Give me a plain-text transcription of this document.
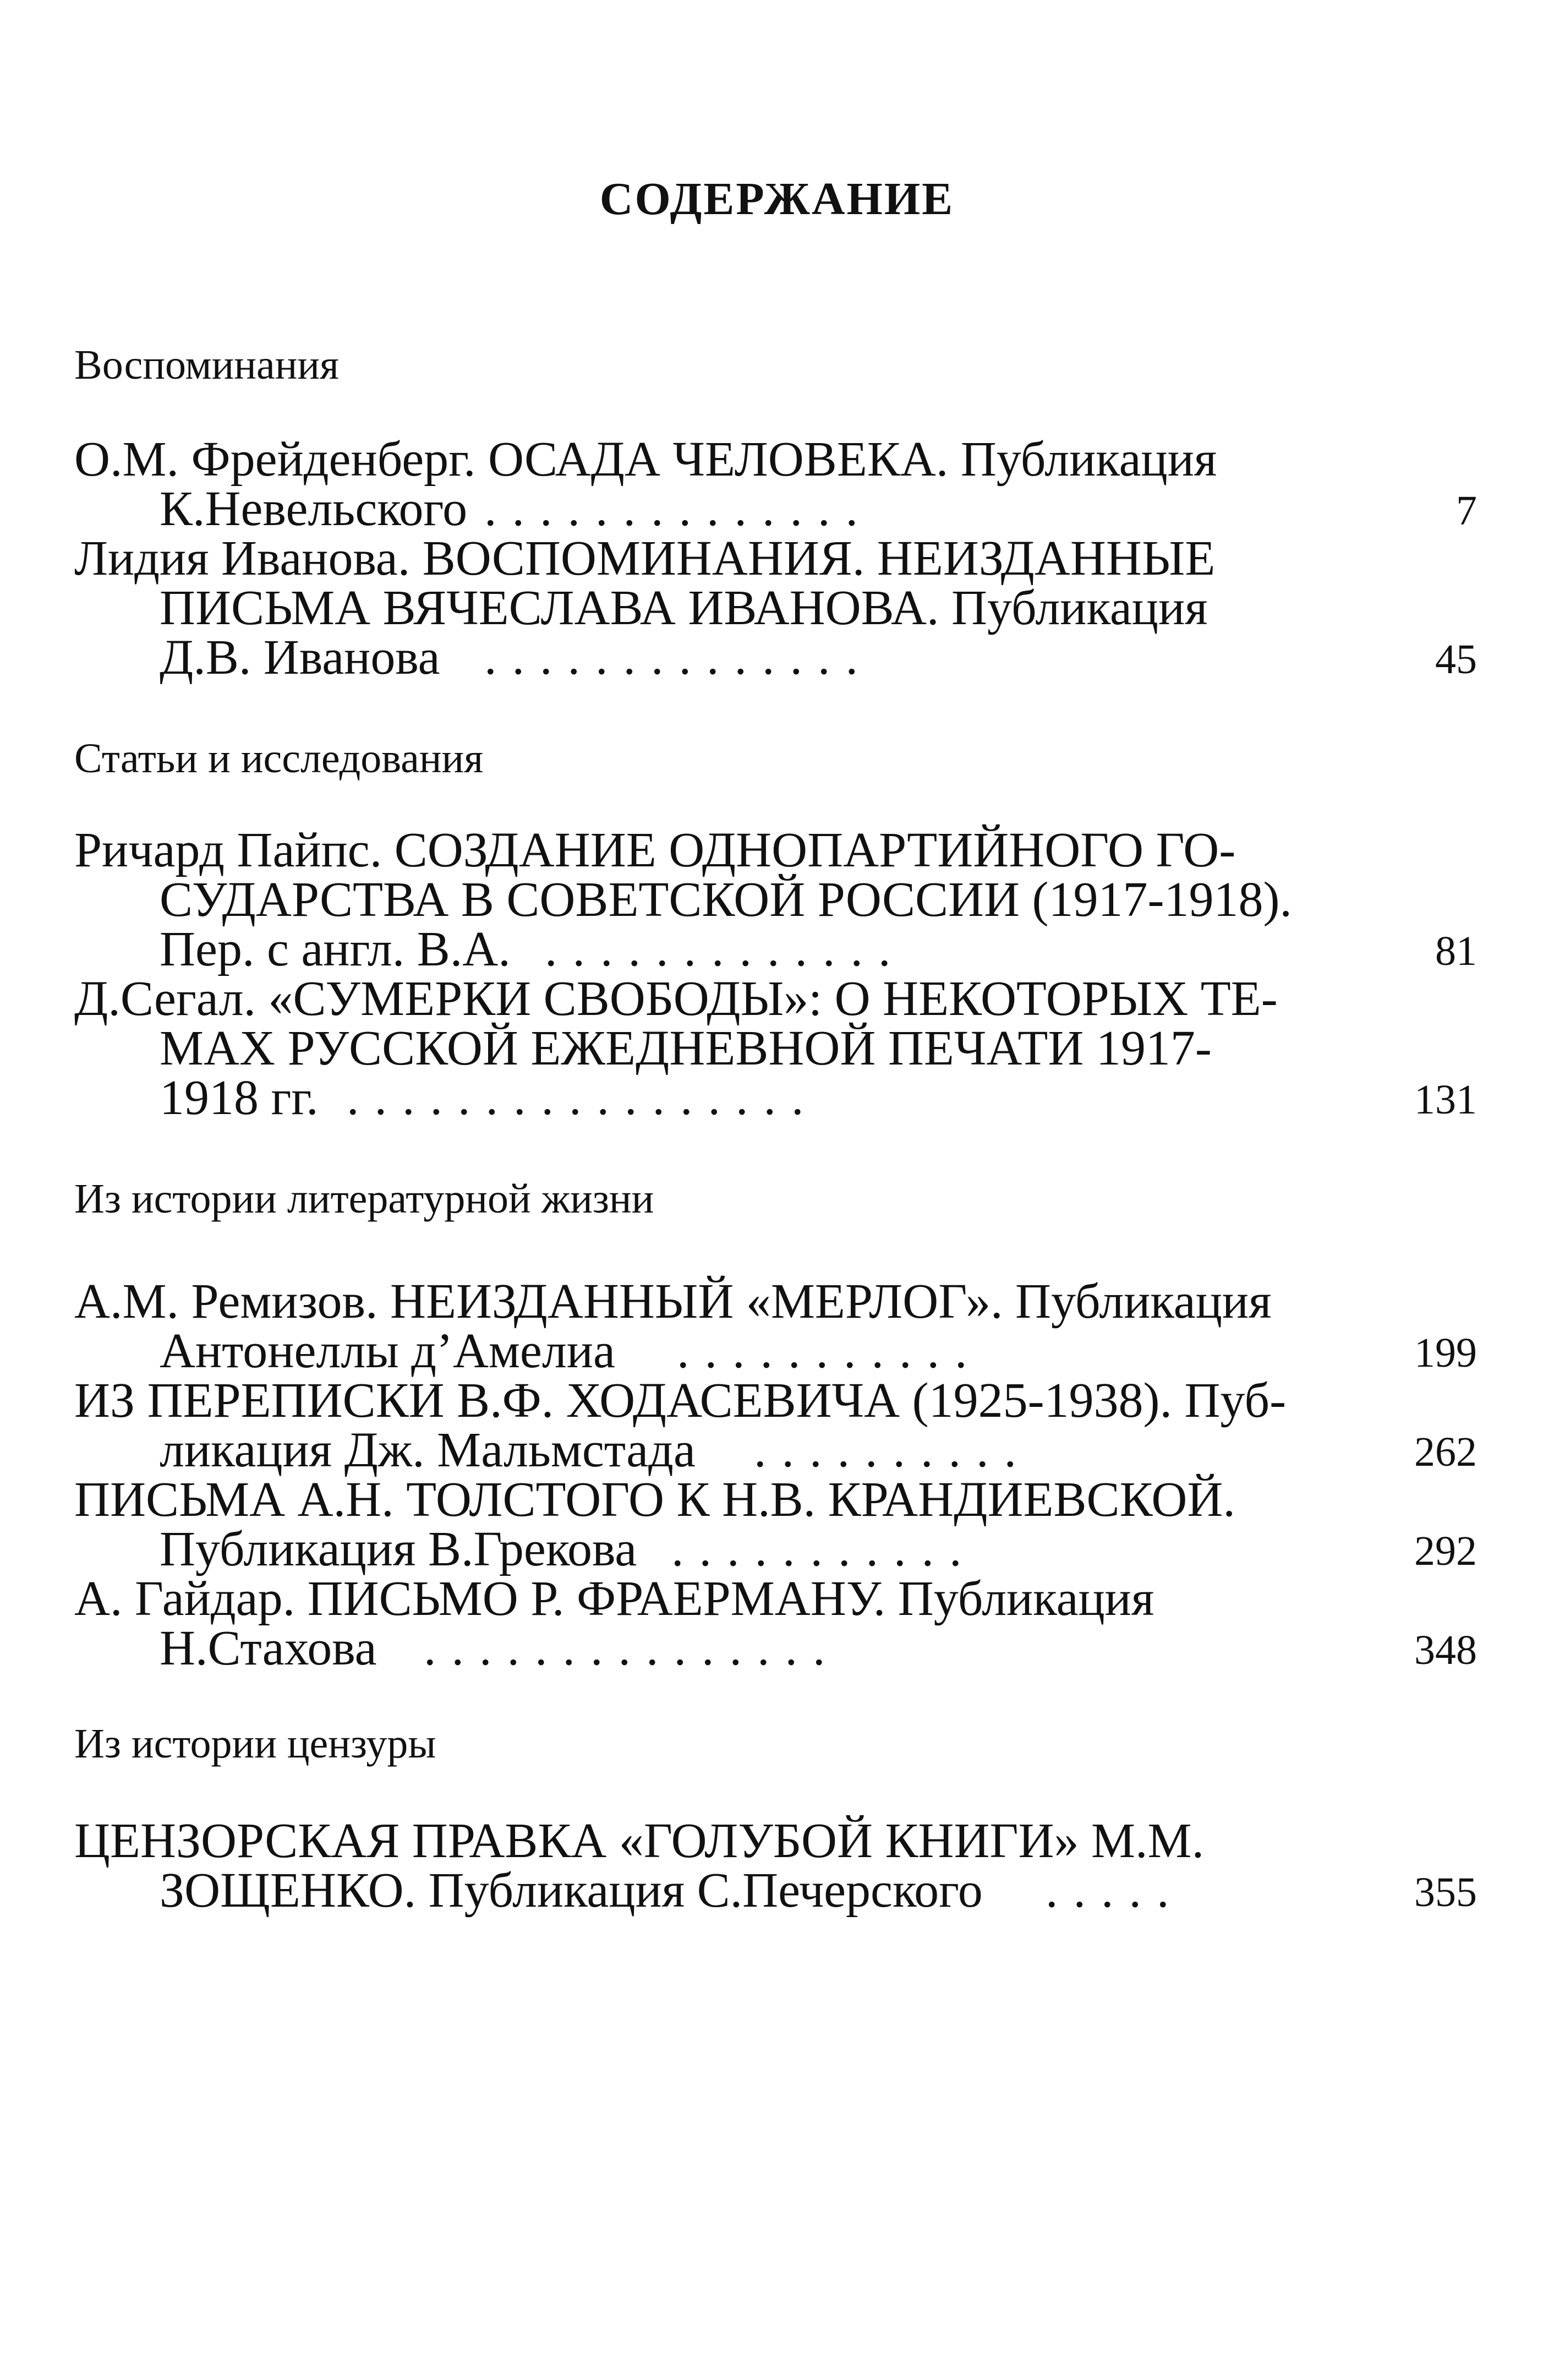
СОДЕРЖАНИЕ
Воспоминания
О.М. Фрейденберг. ОСАДА ЧЕЛОВЕКА. Публикация
К.Невельского ..............	7
Лидия Иванова. ВОСПОМИНАНИЯ. НЕИЗДАННЫЕ
ПИСЬМА ВЯЧЕСЛАВА ИВАНОВА. Публикация
Д.В. Иванова ..............	45
Статьи и исследования
Ричард Пайпс. СОЗДАНИЕ ОДНОПАРТИЙНОГО ГО-
СУДАРСТВА В СОВЕТСКОЙ РОССИИ (1917-1918).
Пер. с англ. В.А. .............	81
Д.Сегал. «СУМЕРКИ СВОБОДЫ»: О НЕКОТОРЫХ ТЕ-
МАХ РУССКОЙ ЕЖЕДНЕВНОЙ ПЕЧАТИ 1917-
1918 гг. .................	131
Из истории литературной жизни
А.М. Ремизов. НЕИЗДАННЫЙ «МЕРЛОГ». Публикация
Антонеллы д’Амелиа ...........	199
ИЗ ПЕРЕПИСКИ В.Ф. ХОДАСЕВИЧА (1925-1938). Пуб-
ликация Дж. Мальмстада ..........	262
ПИСЬМА А.Н. ТОЛСТОГО К Н.В. КРАНДИЕВСКОЙ.
Публикация В.Грекова ...........	292
А. Гайдар. ПИСЬМО Р. ФРАЕРМАНУ. Публикация
Н.Стахова ...............	348
Из истории цензуры
ЦЕНЗОРСКАЯ ПРАВКА «ГОЛУБОЙ КНИГИ» М.М.
ЗОЩЕНКО. Публикация С.Печерского .....	355
